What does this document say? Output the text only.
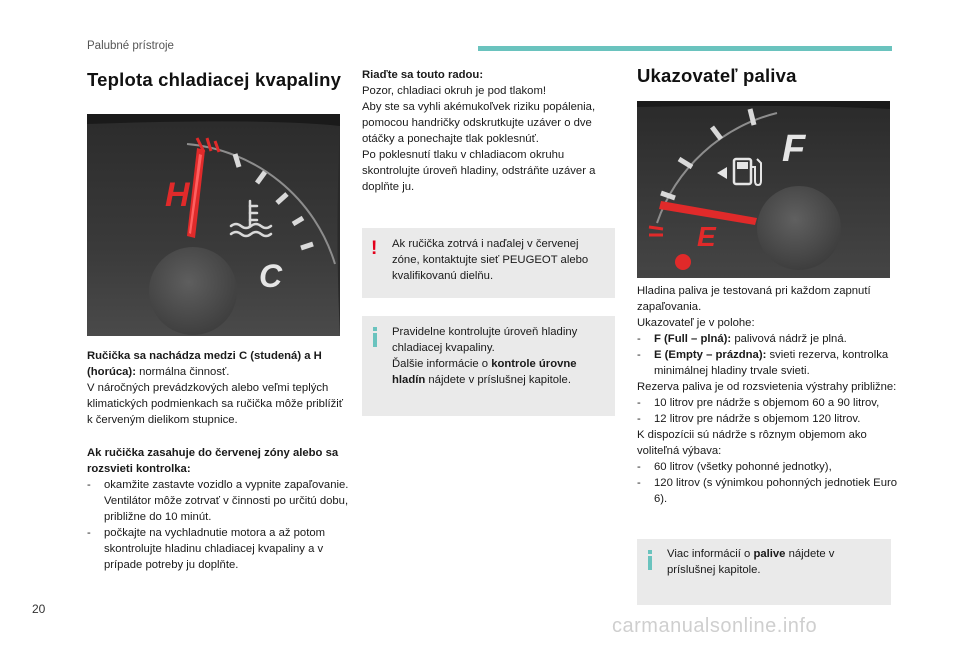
Palubné prístroje
Teplota chladiacej kvapaliny
H
C

Ručička sa nachádza medzi C (studená) a H (horúca): normálna činnosť.

V náročných prevádzkových alebo veľmi teplých klimatických podmienkach sa ručička môže priblížiť k červeným dielikom stupnice.

Ak ručička zasahuje do červenej zóny alebo sa rozsvieti kontrolka:

- okamžite zastavte vozidlo a vypnite zapaľovanie. Ventilátor môže zotrvať v činnosti po určitú dobu, približne do 10 minút.
- počkajte na vychladnutie motora a až potom skontrolujte hladinu chladiacej kvapaliny a v prípade potreby ju doplňte.

Riaďte sa touto radou:

Pozor, chladiaci okruh je pod tlakom!

Aby ste sa vyhli akémukoľvek riziku popálenia, pomocou handričky odskrutkujte uzáver o dve otáčky a ponechajte tlak poklesnúť.

Po poklesnutí tlaku v chladiacom okruhu skontrolujte úroveň hladiny, odstráňte uzáver a doplňte ju.

! Ak ručička zotrvá i naďalej v červenej zóne, kontaktujte sieť PEUGEOT alebo kvalifikovanú dielňu.

Pravidelne kontrolujte úroveň hladiny chladiacej kvapaliny.

Ďalšie informácie o kontrole úrovne hladín nájdete v príslušnej kapitole.

Ukazovateľ paliva
F
E

Hladina paliva je testovaná pri každom zapnutí zapaľovania.

Ukazovateľ je v polohe:

- F (Full – plná): palivová nádrž je plná.
- E (Empty – prázdna): svieti rezerva, kontrolka minimálnej hladiny trvale svieti.

Rezerva paliva je od rozsvietenia výstrahy približne:

- 10 litrov pre nádrže s objemom 60 a 90 litrov,
- 12 litrov pre nádrže s objemom 120 litrov.

K dispozícii sú nádrže s rôznym objemom ako voliteľná výbava:

- 60 litrov (všetky pohonné jednotky),
- 120 litrov (s výnimkou pohonných jednotiek Euro 6).

Viac informácií o palive nájdete v príslušnej kapitole.

20
carmanualsonline.info
